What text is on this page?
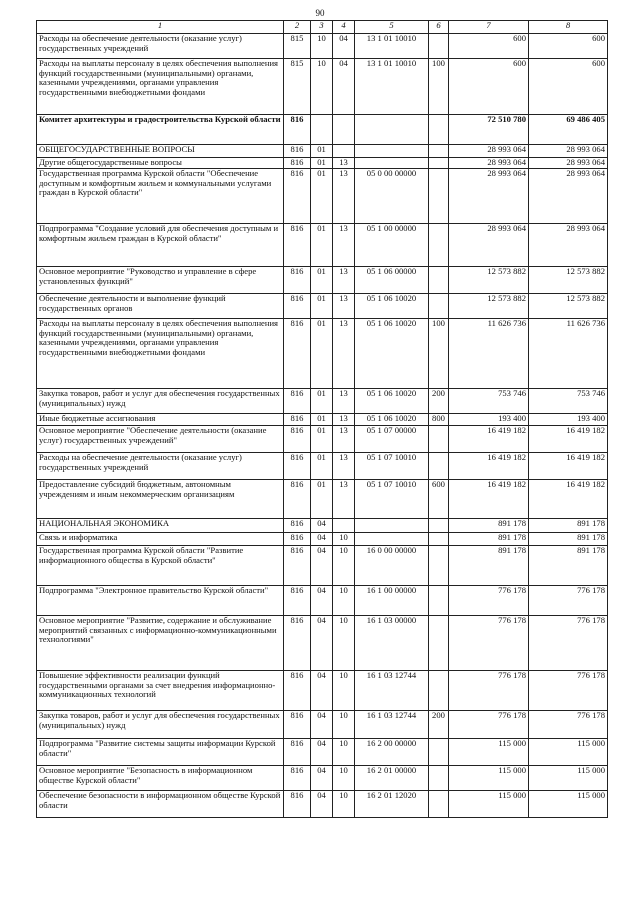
90
1	2	3	4	5	6	7	8
Расходы на обеспечение деятельности (оказание услуг) государственных учреждений	815	10	04	13 1 01 10010		600	600
Расходы на выплаты персоналу в целях обеспечения выполнения функций государственными (муниципальными) органами, казенными учреждениями, органами управления государственными внебюджетными фондами	815	10	04	13 1 01 10010	100	600	600
Комитет архитектуры и градостроительства Курской области	816					72 510 780	69 486 405
ОБЩЕГОСУДАРСТВЕННЫЕ ВОПРОСЫ	816	01				28 993 064	28 993 064
Другие общегосударственные вопросы	816	01	13			28 993 064	28 993 064
Государственная программа Курской области "Обеспечение доступным и комфортным жильем и коммунальными услугами граждан в Курской области"	816	01	13	05 0 00 00000		28 993 064	28 993 064
Подпрограмма "Создание условий для обеспечения доступным и комфортным жильем граждан в Курской области"	816	01	13	05 1 00 00000		28 993 064	28 993 064
Основное мероприятие "Руководство и управление в сфере установленных функций"	816	01	13	05 1 06 00000		12 573 882	12 573 882
Обеспечение деятельности и выполнение функций государственных органов	816	01	13	05 1 06 10020		12 573 882	12 573 882
Расходы на выплаты персоналу в целях обеспечения выполнения функций государственными (муниципальными) органами, казенными учреждениями, органами управления государственными внебюджетными фондами	816	01	13	05 1 06 10020	100	11 626 736	11 626 736
Закупка товаров, работ и услуг для обеспечения государственных (муниципальных) нужд	816	01	13	05 1 06 10020	200	753 746	753 746
Иные бюджетные ассигнования	816	01	13	05 1 06 10020	800	193 400	193 400
Основное мероприятие "Обеспечение деятельности (оказание услуг) государственных учреждений"	816	01	13	05 1 07 00000		16 419 182	16 419 182
Расходы на обеспечение деятельности (оказание услуг) государственных учреждений	816	01	13	05 1 07 10010		16 419 182	16 419 182
Предоставление субсидий бюджетным, автономным учреждениям и иным некоммерческим организациям	816	01	13	05 1 07 10010	600	16 419 182	16 419 182
НАЦИОНАЛЬНАЯ ЭКОНОМИКА	816	04				891 178	891 178
Связь и информатика	816	04	10			891 178	891 178
Государственная программа Курской области "Развитие информационного общества в Курской области"	816	04	10	16 0 00 00000		891 178	891 178
Подпрограмма "Электронное правительство Курской области"	816	04	10	16 1 00 00000		776 178	776 178
Основное мероприятие "Развитие, содержание и обслуживание мероприятий связанных с информационно-коммуникационными технологиями"	816	04	10	16 1 03 00000		776 178	776 178
Повышение эффективности реализации функций государственными органами за счет внедрения информационно-коммуникационных технологий	816	04	10	16 1 03 12744		776 178	776 178
Закупка товаров, работ и услуг для обеспечения государственных (муниципальных) нужд	816	04	10	16 1 03 12744	200	776 178	776 178
Подпрограмма "Развитие системы защиты информации Курской области"	816	04	10	16 2 00 00000		115 000	115 000
Основное мероприятие "Безопасность в информационном обществе Курской области"	816	04	10	16 2 01 00000		115 000	115 000
Обеспечение безопасности в информационном обществе Курской области	816	04	10	16 2 01 12020		115 000	115 000
